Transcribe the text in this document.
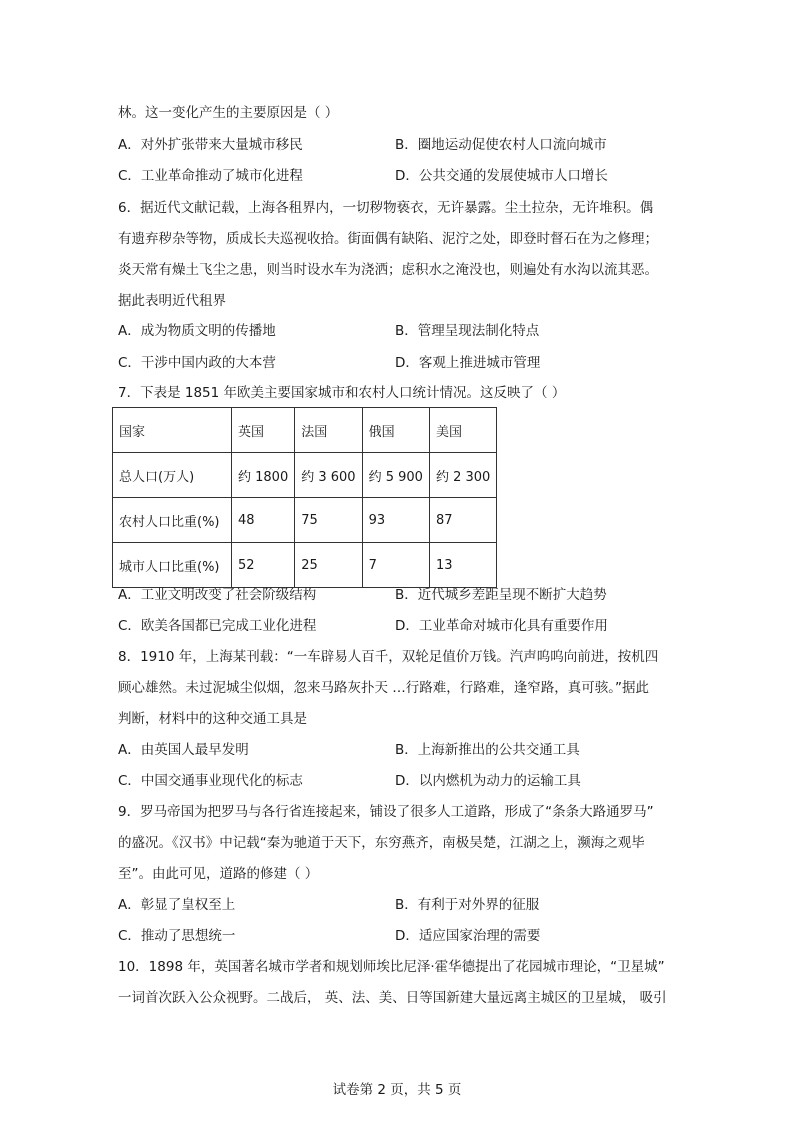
林。这一变化产生的主要原因是（ ）
A．对外扩张带来大量城市移民	B．圈地运动促使农村人口流向城市
C．工业革命推动了城市化进程	D．公共交通的发展使城市人口增长
6．据近代文献记载，上海各租界内，一切秽物亵衣，无许暴露。尘土拉杂，无许堆积。偶
有遗弃秽杂等物，质成长夫巡视收拾。街面偶有缺陷、泥泞之处，即登时督石在为之修理；
炎天常有燥土飞尘之患，则当时设水车为浇洒；虑积水之淹没也，则遍处有水沟以流其恶。
据此表明近代租界
A．成为物质文明的传播地	B．管理呈现法制化特点
C．干涉中国内政的大本营	D．客观上推进城市管理
7．下表是 1851 年欧美主要国家城市和农村人口统计情况。这反映了（ ）
国家	英国	法国	俄国	美国
总人口(万人)	约 1800	约 3 600	约 5 900	约 2 300
农村人口比重(%)	48	75	93	87
城市人口比重(%)	52	25	7	13
A．工业文明改变了社会阶级结构	B．近代城乡差距呈现不断扩大趋势
C．欧美各国都已完成工业化进程	D．工业革命对城市化具有重要作用
8．1910 年，上海某刊载：“一车辟易人百千，双轮足值价万钱。汽声呜呜向前进，按机四
顾心雄然。未过泥城尘似烟，忽来马路灰扑天 …行路难，行路难，逢窄路，真可骇。”据此
判断，材料中的这种交通工具是
A．由英国人最早发明	B．上海新推出的公共交通工具
C．中国交通事业现代化的标志	D．以内燃机为动力的运输工具
9．罗马帝国为把罗马与各行省连接起来，铺设了很多人工道路，形成了“条条大路通罗马”
的盛况。《汉书》中记载“秦为驰道于天下，东穷燕齐，南极吴楚，江湖之上，濒海之观毕
至”。由此可见，道路的修建（ ）
A．彰显了皇权至上	B．有利于对外界的征服
C．推动了思想统一	D．适应国家治理的需要
10．1898 年，英国著名城市学者和规划师埃比尼泽·霍华德提出了花园城市理论，“卫星城”
一词首次跃入公众视野。二战后， 英、法、美、日等国新建大量远离主城区的卫星城， 吸引
试卷第 2 页，共 5 页
